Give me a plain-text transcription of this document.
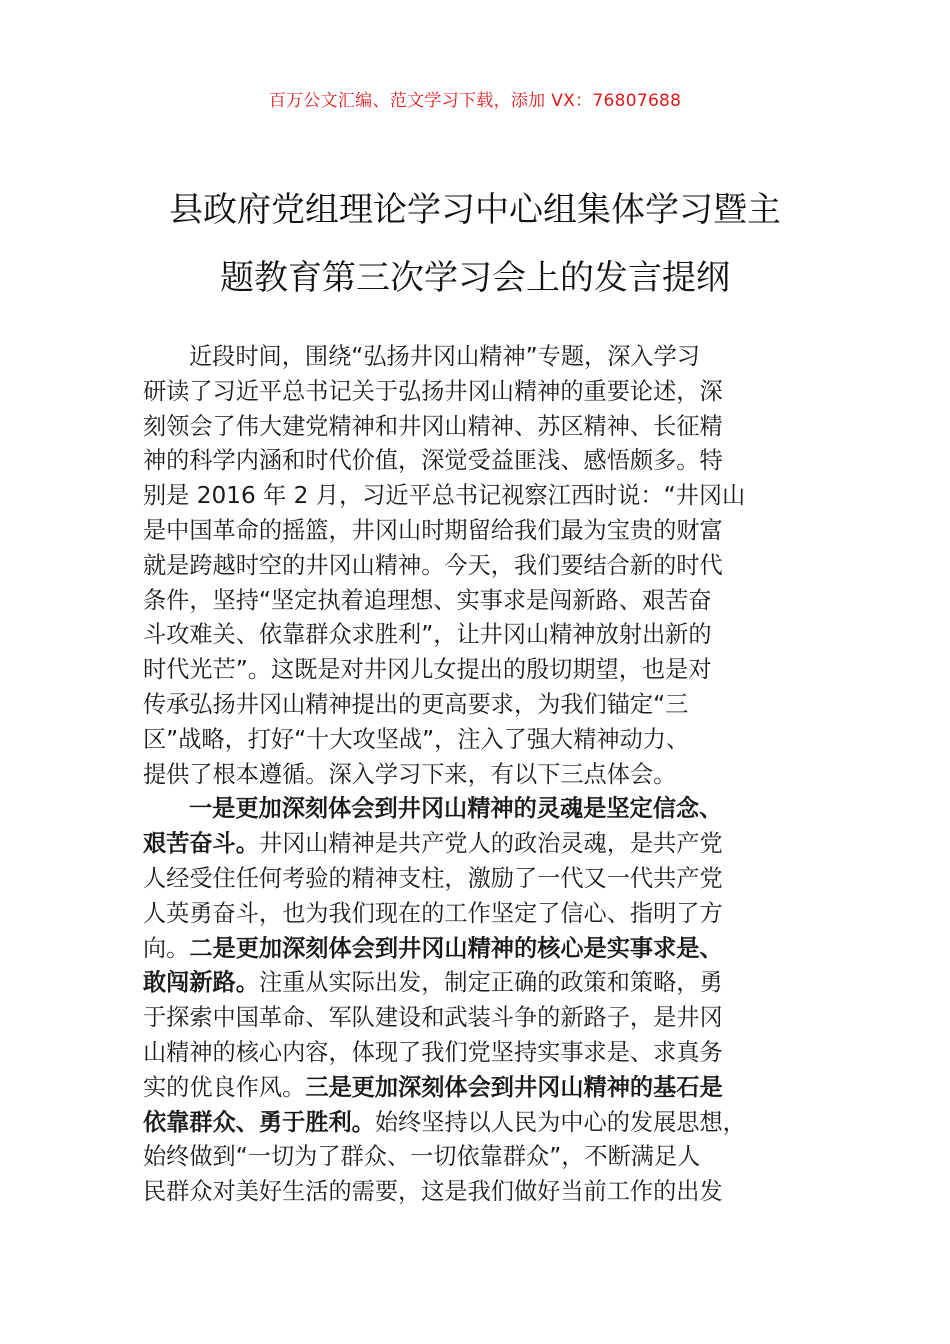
百万公文汇编、范文学习下载，添加 VX：76807688
县政府党组理论学习中心组集体学习暨主
题教育第三次学习会上的发言提纲
近段时间，围绕“弘扬井冈山精神”专题，深入学习
研读了习近平总书记关于弘扬井冈山精神的重要论述，深
刻领会了伟大建党精神和井冈山精神、苏区精神、长征精
神的科学内涵和时代价值，深觉受益匪浅、感悟颇多。特
别是 2016 年 2 月，习近平总书记视察江西时说：“井冈山
是中国革命的摇篮，井冈山时期留给我们最为宝贵的财富
就是跨越时空的井冈山精神。今天，我们要结合新的时代
条件，坚持“坚定执着追理想、实事求是闯新路、艰苦奋
斗攻难关、依靠群众求胜利”，让井冈山精神放射出新的
时代光芒”。这既是对井冈儿女提出的殷切期望，也是对
传承弘扬井冈山精神提出的更高要求，为我们锚定“三
区”战略，打好“十大攻坚战”，注入了强大精神动力、
提供了根本遵循。深入学习下来，有以下三点体会。
一是更加深刻体会到井冈山精神的灵魂是坚定信念、
艰苦奋斗。井冈山精神是共产党人的政治灵魂，是共产党
人经受住任何考验的精神支柱，激励了一代又一代共产党
人英勇奋斗，也为我们现在的工作坚定了信心、指明了方
向。二是更加深刻体会到井冈山精神的核心是实事求是、
敢闯新路。注重从实际出发，制定正确的政策和策略，勇
于探索中国革命、军队建设和武装斗争的新路子，是井冈
山精神的核心内容，体现了我们党坚持实事求是、求真务
实的优良作风。三是更加深刻体会到井冈山精神的基石是
依靠群众、勇于胜利。始终坚持以人民为中心的发展思想，
始终做到“一切为了群众、一切依靠群众”，不断满足人
民群众对美好生活的需要，这是我们做好当前工作的出发
